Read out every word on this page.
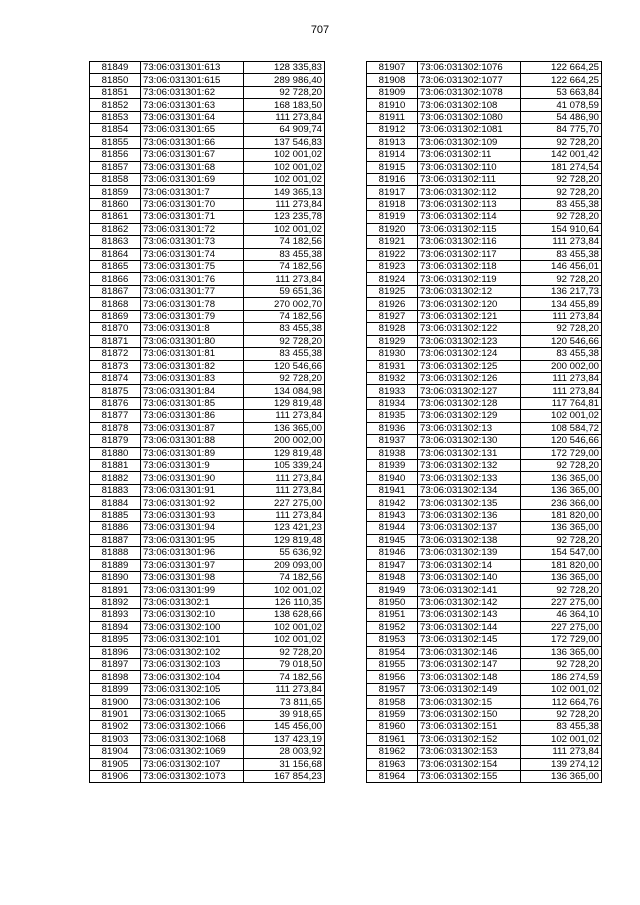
707
81849	73:06:031301:613	128 335,83
81850	73:06:031301:615	289 986,40
81851	73:06:031301:62	92 728,20
81852	73:06:031301:63	168 183,50
81853	73:06:031301:64	111 273,84
81854	73:06:031301:65	64 909,74
81855	73:06:031301:66	137 546,83
81856	73:06:031301:67	102 001,02
81857	73:06:031301:68	102 001,02
81858	73:06:031301:69	102 001,02
81859	73:06:031301:7	149 365,13
81860	73:06:031301:70	111 273,84
81861	73:06:031301:71	123 235,78
81862	73:06:031301:72	102 001,02
81863	73:06:031301:73	74 182,56
81864	73:06:031301:74	83 455,38
81865	73:06:031301:75	74 182,56
81866	73:06:031301:76	111 273,84
81867	73:06:031301:77	59 651,36
81868	73:06:031301:78	270 002,70
81869	73:06:031301:79	74 182,56
81870	73:06:031301:8	83 455,38
81871	73:06:031301:80	92 728,20
81872	73:06:031301:81	83 455,38
81873	73:06:031301:82	120 546,66
81874	73:06:031301:83	92 728,20
81875	73:06:031301:84	134 084,98
81876	73:06:031301:85	129 819,48
81877	73:06:031301:86	111 273,84
81878	73:06:031301:87	136 365,00
81879	73:06:031301:88	200 002,00
81880	73:06:031301:89	129 819,48
81881	73:06:031301:9	105 339,24
81882	73:06:031301:90	111 273,84
81883	73:06:031301:91	111 273,84
81884	73:06:031301:92	227 275,00
81885	73:06:031301:93	111 273,84
81886	73:06:031301:94	123 421,23
81887	73:06:031301:95	129 819,48
81888	73:06:031301:96	55 636,92
81889	73:06:031301:97	209 093,00
81890	73:06:031301:98	74 182,56
81891	73:06:031301:99	102 001,02
81892	73:06:031302:1	126 110,35
81893	73:06:031302:10	138 628,66
81894	73:06:031302:100	102 001,02
81895	73:06:031302:101	102 001,02
81896	73:06:031302:102	92 728,20
81897	73:06:031302:103	79 018,50
81898	73:06:031302:104	74 182,56
81899	73:06:031302:105	111 273,84
81900	73:06:031302:106	73 811,65
81901	73:06:031302:1065	39 918,65
81902	73:06:031302:1066	145 456,00
81903	73:06:031302:1068	137 423,19
81904	73:06:031302:1069	28 003,92
81905	73:06:031302:107	31 156,68
81906	73:06:031302:1073	167 854,23
81907	73:06:031302:1076	122 664,25
81908	73:06:031302:1077	122 664,25
81909	73:06:031302:1078	53 663,84
81910	73:06:031302:108	41 078,59
81911	73:06:031302:1080	54 486,90
81912	73:06:031302:1081	84 775,70
81913	73:06:031302:109	92 728,20
81914	73:06:031302:11	142 001,42
81915	73:06:031302:110	181 274,54
81916	73:06:031302:111	92 728,20
81917	73:06:031302:112	92 728,20
81918	73:06:031302:113	83 455,38
81919	73:06:031302:114	92 728,20
81920	73:06:031302:115	154 910,64
81921	73:06:031302:116	111 273,84
81922	73:06:031302:117	83 455,38
81923	73:06:031302:118	146 456,01
81924	73:06:031302:119	92 728,20
81925	73:06:031302:12	136 217,73
81926	73:06:031302:120	134 455,89
81927	73:06:031302:121	111 273,84
81928	73:06:031302:122	92 728,20
81929	73:06:031302:123	120 546,66
81930	73:06:031302:124	83 455,38
81931	73:06:031302:125	200 002,00
81932	73:06:031302:126	111 273,84
81933	73:06:031302:127	111 273,84
81934	73:06:031302:128	117 764,81
81935	73:06:031302:129	102 001,02
81936	73:06:031302:13	108 584,72
81937	73:06:031302:130	120 546,66
81938	73:06:031302:131	172 729,00
81939	73:06:031302:132	92 728,20
81940	73:06:031302:133	136 365,00
81941	73:06:031302:134	136 365,00
81942	73:06:031302:135	236 366,00
81943	73:06:031302:136	181 820,00
81944	73:06:031302:137	136 365,00
81945	73:06:031302:138	92 728,20
81946	73:06:031302:139	154 547,00
81947	73:06:031302:14	181 820,00
81948	73:06:031302:140	136 365,00
81949	73:06:031302:141	92 728,20
81950	73:06:031302:142	227 275,00
81951	73:06:031302:143	46 364,10
81952	73:06:031302:144	227 275,00
81953	73:06:031302:145	172 729,00
81954	73:06:031302:146	136 365,00
81955	73:06:031302:147	92 728,20
81956	73:06:031302:148	186 274,59
81957	73:06:031302:149	102 001,02
81958	73:06:031302:15	112 664,76
81959	73:06:031302:150	92 728,20
81960	73:06:031302:151	83 455,38
81961	73:06:031302:152	102 001,02
81962	73:06:031302:153	111 273,84
81963	73:06:031302:154	139 274,12
81964	73:06:031302:155	136 365,00
